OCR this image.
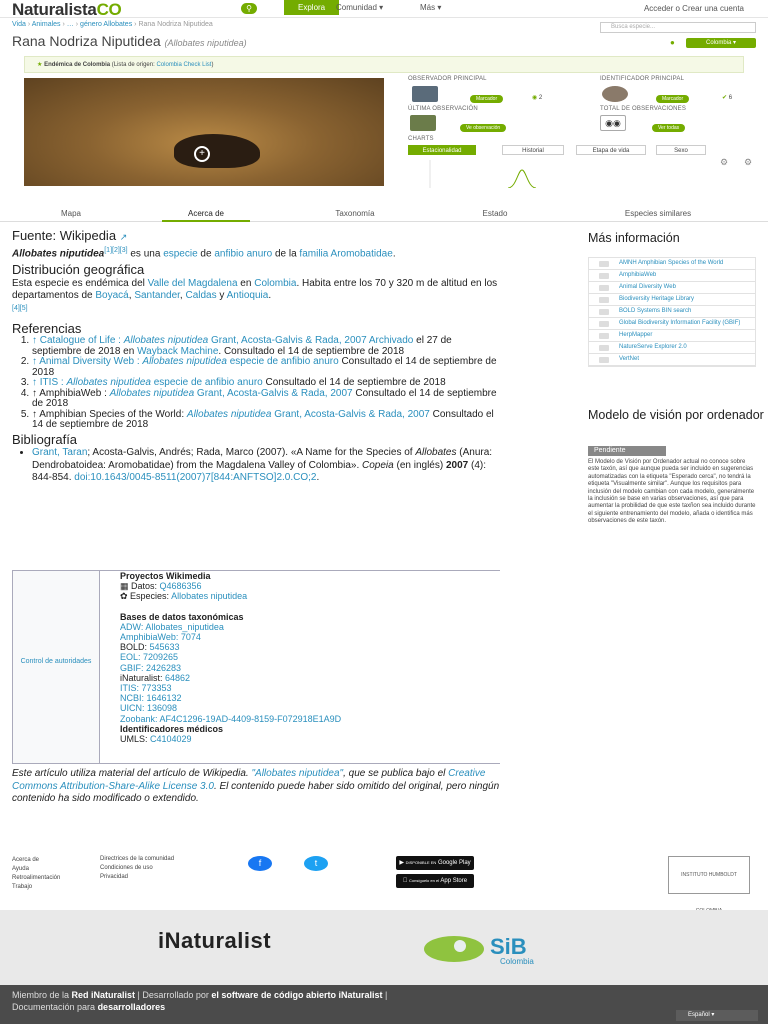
NaturalistaCO	⚲	Explora	Comunidad ▾	Más ▾	Acceder o Crear una cuenta
Vida › Animales › … › género Allobates › Rana Nodriza Niputidea	Busca especie...
Rana Nodriza Niputidea (Allobates niputidea)	●	Colombia ▾
★ Endémica de Colombia (Lista de origen: Colombia Check List)
+
OBSERVADOR PRINCIPAL
Marcador	◉ 2
IDENTIFICADOR PRINCIPAL
Marcador	✔ 6
ÚLTIMA OBSERVACIÓN
Ve observación
TOTAL DE OBSERVACIONES
◉◉	Ver todas
CHARTS
Estacionalidad	Historial	Etapa de vida	Sexo
⚙ ⚙
Mapa	Acerca de	Taxonomía	Estado	Especies similares
Fuente: Wikipedia ↗

Allobates niputidea[1][2][3] es una especie de anfibio anuro de la familia Aromobatidae.

Distribución geográfica

Esta especie es endémica del Valle del Magdalena en Colombia. Habita entre los 70 y 320 m de altitud en los departamentos de Boyacá, Santander, Caldas y Antioquia.
[4][5]

Referencias
1. ↑ Catalogue of Life : Allobates niputidea Grant, Acosta-Galvis & Rada, 2007 Archivado el 27 de septiembre de 2018 en Wayback Machine. Consultado el 14 de septiembre de 2018
2. ↑ Animal Diversity Web : Allobates niputidea especie de anfibio anuro Consultado el 14 de septiembre de 2018
3. ↑ ITIS : Allobates niputidea especie de anfibio anuro Consultado el 14 de septiembre de 2018
4. ↑ AmphibiaWeb : Allobates niputidea Grant, Acosta-Galvis & Rada, 2007 Consultado el 14 de septiembre de 2018
5. ↑ Amphibian Species of the World: Allobates niputidea Grant, Acosta-Galvis & Rada, 2007 Consultado el 14 de septiembre de 2018
Bibliografía
• Grant, Taran; Acosta-Galvis, Andrés; Rada, Marco (2007). «A Name for the Species of Allobates (Anura: Dendrobatoidea: Aromobatidae) from the Magdalena Valley of Colombia». Copeia (en inglés) 2007 (4): 844-854. doi:10.1643/0045-8511(2007)7[844:ANFTSO]2.0.CO;2.
Control de autoridades
Proyectos Wikimedia
▦ Datos: Q4686356
✿ Especies: Allobates niputidea
Bases de datos taxonómicas
ADW: Allobates_niputidea
AmphibiaWeb: 7074
BOLD: 545633
EOL: 7209265
GBIF: 2426283
iNaturalist: 64862
ITIS: 773353
NCBI: 1646132
UICN: 136098
Zoobank: AF4C1296-19AD-4409-8159-F072918E1A9D
Identificadores médicos
UMLS: C4104029
Este artículo utiliza material del artículo de Wikipedia. "Allobates niputidea", que se publica bajo el Creative Commons Attribution-Share-Alike License 3.0. El contenido puede haber sido omitido del original, pero ningún contenido ha sido modificado o extendido.
Más información
AMNH Amphibian Species of the World
AmphibiaWeb
Animal Diversity Web
Biodiversity Heritage Library
BOLD Systems BIN search
Global Biodiversity Information Facility (GBIF)
HerpMapper
NatureServe Explorer 2.0
VertNet
Modelo de visión por ordenador
Pendiente
El Modelo de Visión por Ordenador actual no conoce sobre este taxón, así que aunque pueda ser incluido en sugerencias automatizadas con la etiqueta "Esperado cerca", no tendrá la etiqueta "Visualmente similar". Aunque los requisitos para inclusión del modelo cambian con cada modelo, generalmente la inclusión se base en varias observaciones, así que para aumentar la probilidad de que este taxñon sea incluido durante el siguiente entrenamiento del modelo, añada o identifica más observaciones de este taxón.
Acerca de
Ayuda
Retroalimentación
Trabajo
Directrices de la comunidad
Condiciones de uso
Privacidad
f	t	▶ DISPONIBLE EN Google Play
Consíguelo en el App Store
INSTITUTO HUMBOLDT
iNaturalist	SiB
Colombia
Miembro de la Red iNaturalist | Desarrollado por el software de código abierto iNaturalist |
Documentación para desarrolladores
Español ▾
